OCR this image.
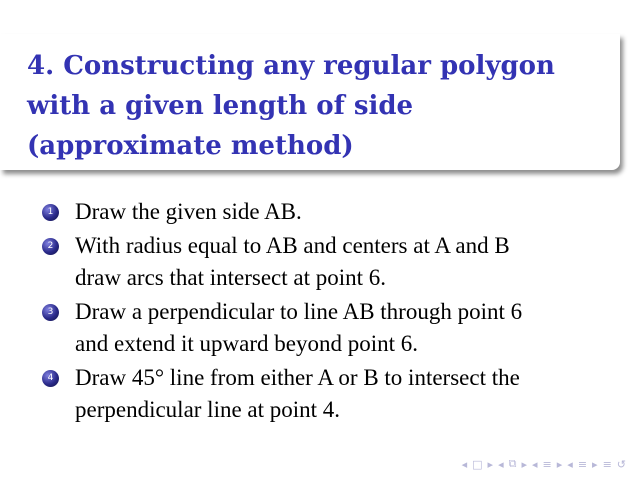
4. Constructing any regular polygon
with a given length of side
(approximate method)
1 Draw the given side AB.
2 With radius equal to AB and centers at A and B
draw arcs that intersect at point 6.
3 Draw a perpendicular to line AB through point 6
and extend it upward beyond point 6.
4 Draw 45° line from either A or B to intersect the
perpendicular line at point 4.
◂ □ ▸ ◂ ⧉ ▸ ◂ ≡ ▸ ◂ ≡ ▸ ≡ ↺
